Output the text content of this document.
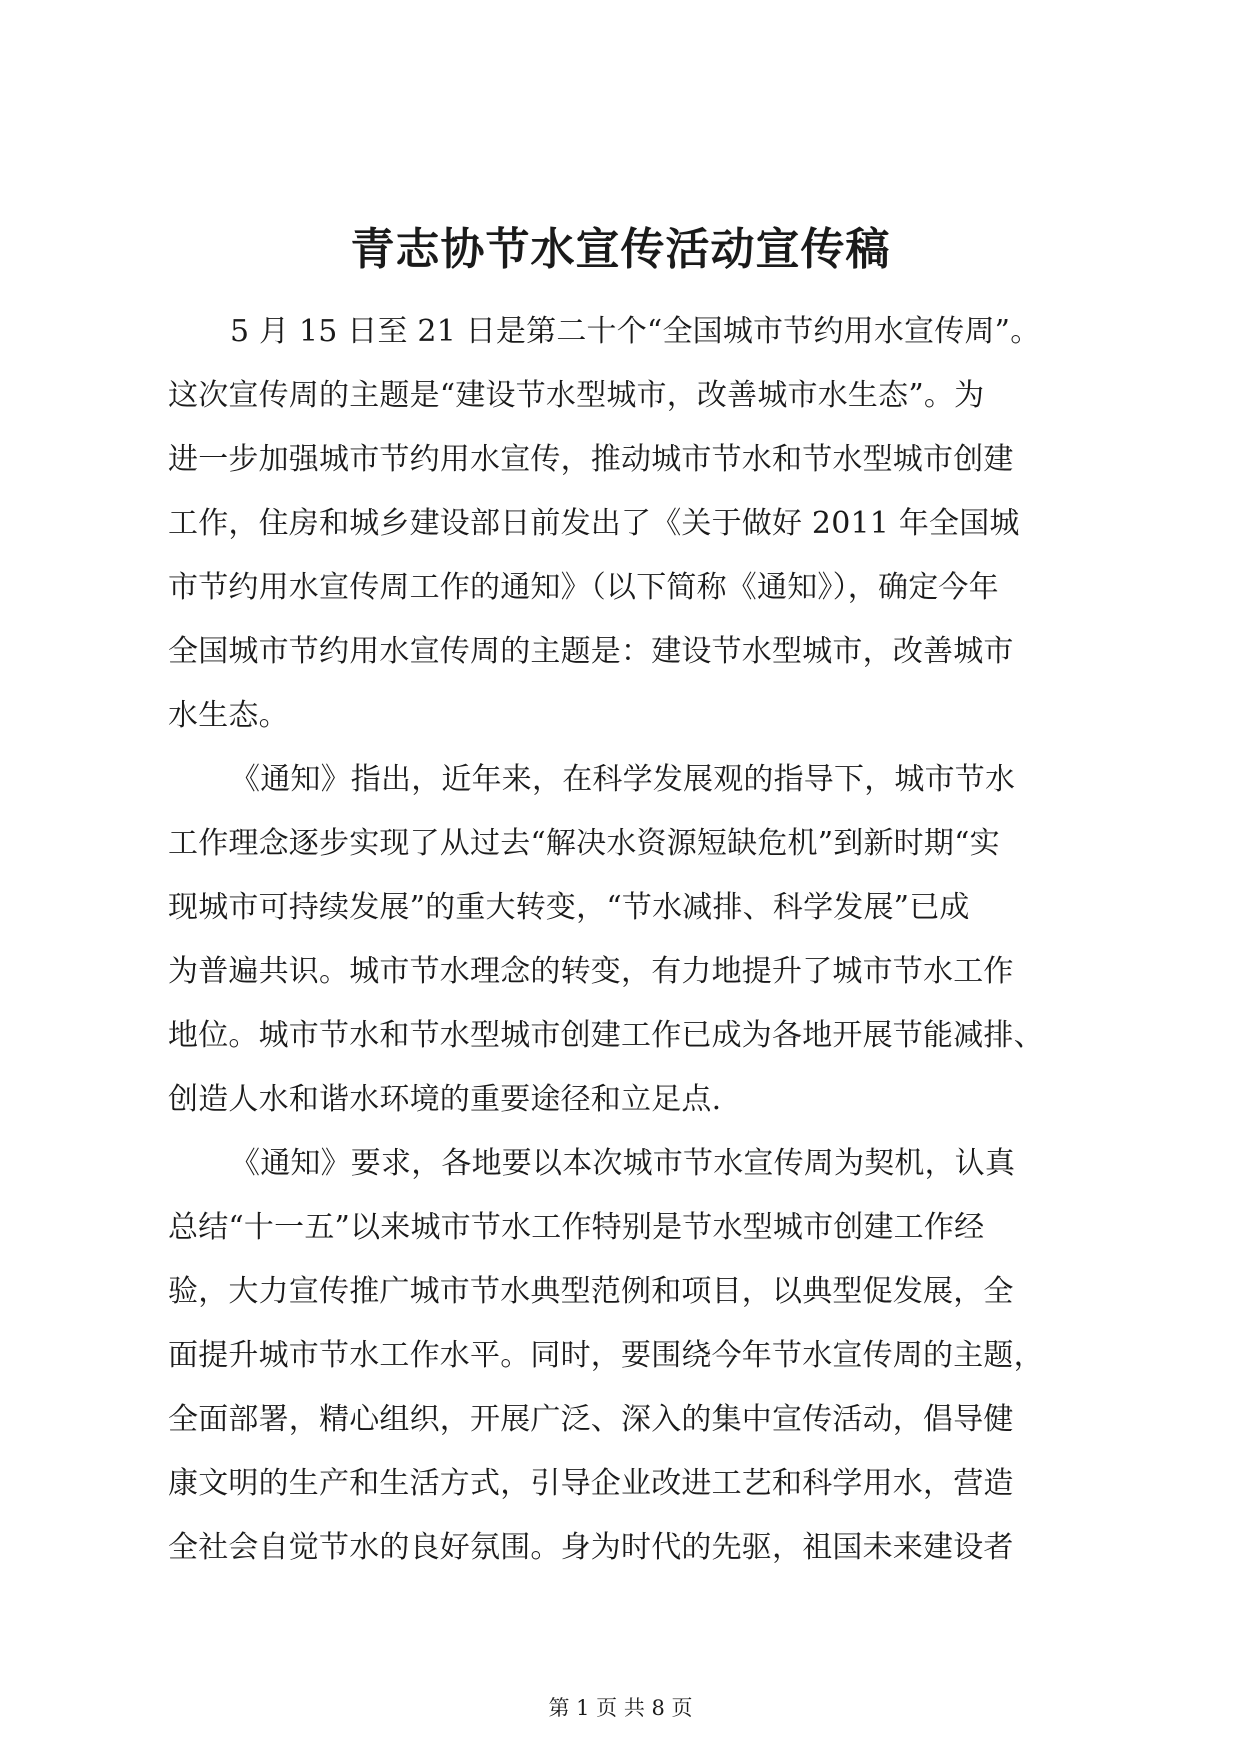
青志协节水宣传活动宣传稿
5 月 15 日至 21 日是第二十个“全国城市节约用水宣传周”。
这次宣传周的主题是“建设节水型城市，改善城市水生态”。为
进一步加强城市节约用水宣传，推动城市节水和节水型城市创建
工作，住房和城乡建设部日前发出了《关于做好 2011 年全国城
市节约用水宣传周工作的通知》（以下简称《通知》），确定今年
全国城市节约用水宣传周的主题是：建设节水型城市，改善城市
水生态。
《通知》指出，近年来，在科学发展观的指导下，城市节水
工作理念逐步实现了从过去“解决水资源短缺危机”到新时期“实
现城市可持续发展”的重大转变，“节水减排、科学发展”已成
为普遍共识。城市节水理念的转变，有力地提升了城市节水工作
地位。城市节水和节水型城市创建工作已成为各地开展节能减排、
创造人水和谐水环境的重要途径和立足点.
《通知》要求，各地要以本次城市节水宣传周为契机，认真
总结“十一五”以来城市节水工作特别是节水型城市创建工作经
验，大力宣传推广城市节水典型范例和项目，以典型促发展，全
面提升城市节水工作水平。同时，要围绕今年节水宣传周的主题，
全面部署，精心组织，开展广泛、深入的集中宣传活动，倡导健
康文明的生产和生活方式，引导企业改进工艺和科学用水，营造
全社会自觉节水的良好氛围。身为时代的先驱，祖国未来建设者
第 1 页 共 8 页
